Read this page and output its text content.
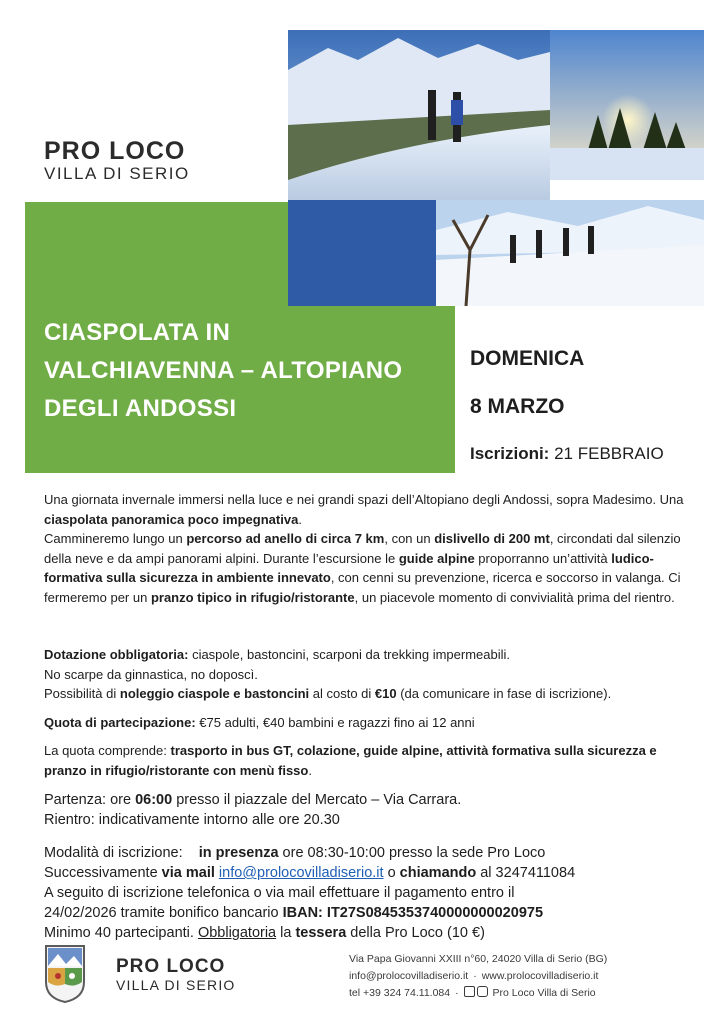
PRO LOCO
VILLA DI SERIO
CIASPOLATA IN
VALCHIAVENNA – ALTOPIANO
DEGLI ANDOSSI
DOMENICA
8 MARZO
Iscrizioni: 21 FEBBRAIO

Una giornata invernale immersi nella luce e nei grandi spazi dell’Altopiano degli Andossi, sopra Madesimo. Una ciaspolata panoramica poco impegnativa.

Cammineremo lungo un percorso ad anello di circa 7 km, con un dislivello di 200 mt, circondati dal silenzio della neve e da ampi panorami alpini. Durante l’escursione le guide alpine proporranno un’attività ludico-formativa sulla sicurezza in ambiente innevato, con cenni su prevenzione, ricerca e soccorso in valanga. Ci fermeremo per un pranzo tipico in rifugio/ristorante, un piacevole momento di convivialità prima del rientro.

Dotazione obbligatoria: ciaspole, bastoncini, scarponi da trekking impermeabili.

No scarpe da ginnastica, no doposcì.

Possibilità di noleggio ciaspole e bastoncini al costo di €10 (da comunicare in fase di iscrizione).

Quota di partecipazione: €75 adulti, €40 bambini e ragazzi fino ai 12 anni

La quota comprende: trasporto in bus GT, colazione, guide alpine, attività formativa sulla sicurezza e pranzo in rifugio/ristorante con menù fisso.

Partenza: ore 06:00 presso il piazzale del Mercato – Via Carrara.

Rientro: indicativamente intorno alle ore 20.30

Modalità di iscrizione: in presenza ore 08:30-10:00 presso la sede Pro Loco

Successivamente via mail info@prolocovilladiserio.it o chiamando al 3247411084

A seguito di iscrizione telefonica o via mail effettuare il pagamento entro il

24/02/2026 tramite bonifico bancario IBAN: IT27S0845353740000000020975

Minimo 40 partecipanti. Obbligatoria la tessera della Pro Loco (10 €)

PRO LOCO
VILLA DI SERIO
Via Papa Giovanni XXIII n°60, 24020 Villa di Serio (BG)
info@prolocovilladiserio.it · www.prolocovilladiserio.it
tel +39 324 74.11.084 ·	Pro Loco Villa di Serio
